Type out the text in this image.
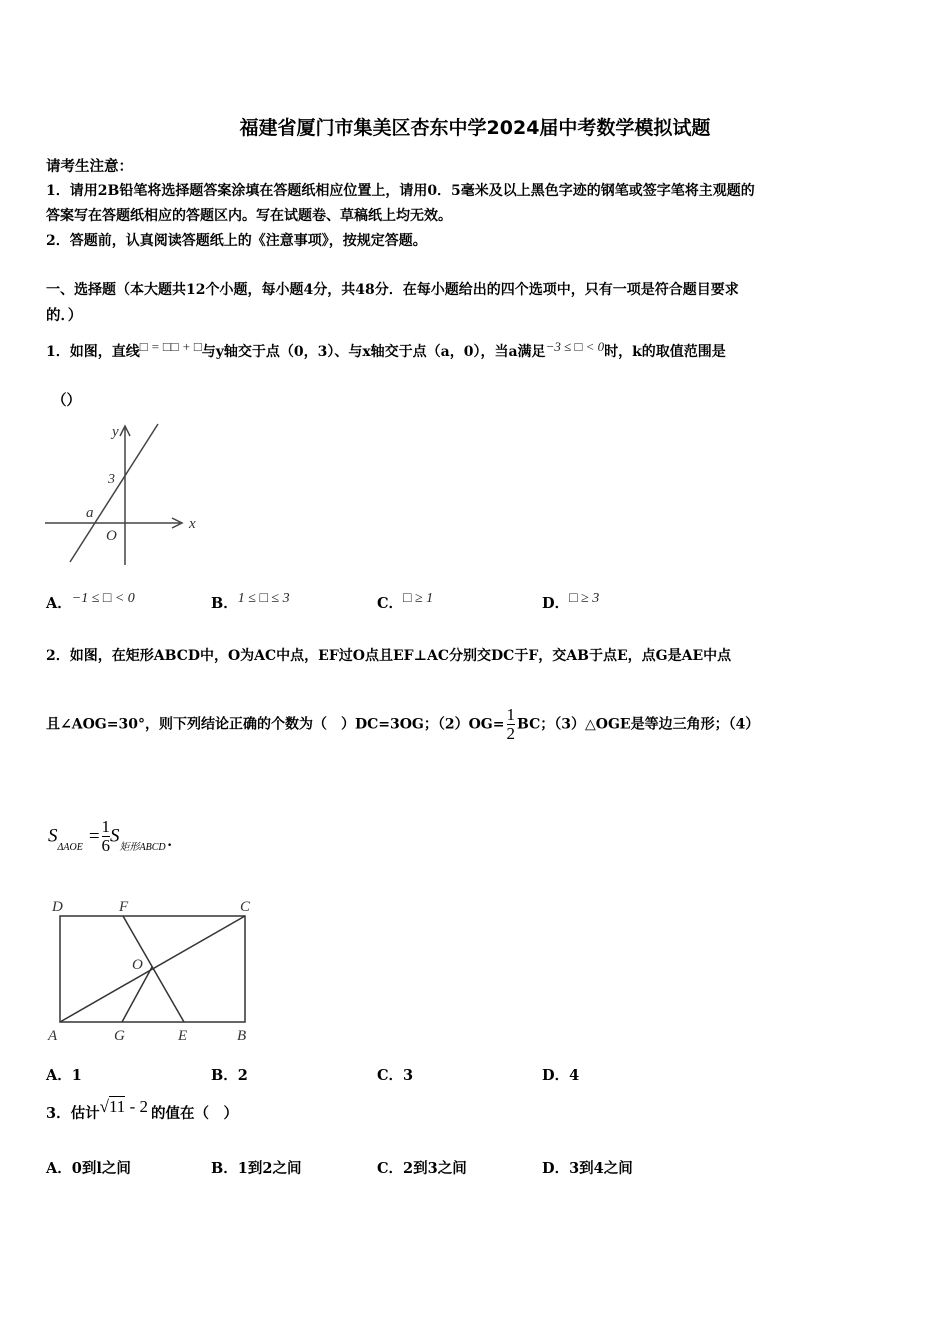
福建省厦门市集美区杏东中学2024届中考数学模拟试题
请考生注意：
1．请用2B铅笔将选择题答案涂填在答题纸相应位置上，请用0．5毫米及以上黑色字迹的钢笔或签字笔将主观题的
答案写在答题纸相应的答题区内。写在试题卷、草稿纸上均无效。
2．答题前，认真阅读答题纸上的《注意事项》，按规定答题。
一、选择题（本大题共12个小题，每小题4分，共48分．在每小题给出的四个选项中，只有一项是符合题目要求
的．）
1．如图，直线□ = □□ + □与y轴交于点（0，3）、与x轴交于点（a，0），当a满足−3 ≤ □ < 0时，k的取值范围是
（）
y
x
O
a
3
A．−1 ≤ □ < 0	B．1 ≤ □ ≤ 3	C．□ ≥ 1	D．□ ≥ 3
2．如图，在矩形ABCD中，O为AC中点，EF过O点且EF⊥AC分别交DC于F，交AB于点E，点G是AE中点
且∠AOG=30°，则下列结论正确的个数为（　）DC=3OG；$(2)OG= \frac{1}{2}$ BC；（3）△OGE是等边三角形；（4）
$S_{\Delta AOE}= \frac{1}{6} S_{矩形ABCD}$ .
D	F	C
O
A	G	E	B
A．1	B．2	C．3	D．4
3．估计√11 - 2 的值在（　）
A．0到l之间	B．1到2之间	C．2到3之间	D．3到4之间
